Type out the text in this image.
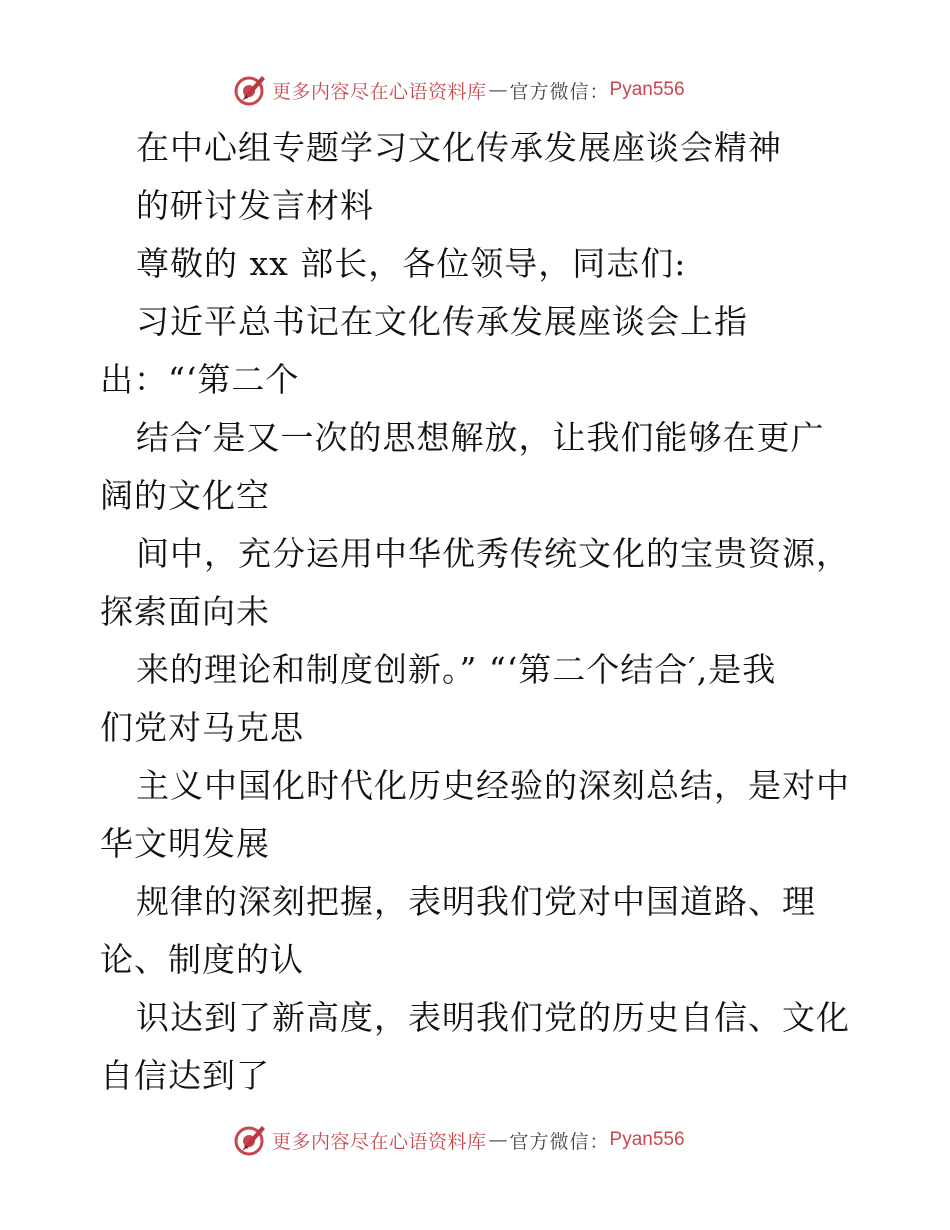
更多内容尽在心语资料库 — 官方微信： Pyan556
在中心组专题学习文化传承发展座谈会精神
的研讨发言材料
尊敬的 xx 部长，各位领导，同志们:
习近平总书记在文化传承发展座谈会上指
出：“‘第二个
结合′是又一次的思想解放，让我们能够在更广
阔的文化空
间中，充分运用中华优秀传统文化的宝贵资源，
探索面向未
来的理论和制度创新。” “‘第二个结合′,是我
们党对马克思
主义中国化时代化历史经验的深刻总结，是对中
华文明发展
规律的深刻把握，表明我们党对中国道路、理
论、制度的认
识达到了新高度，表明我们党的历史自信、文化
自信达到了
更多内容尽在心语资料库 — 官方微信： Pyan556
